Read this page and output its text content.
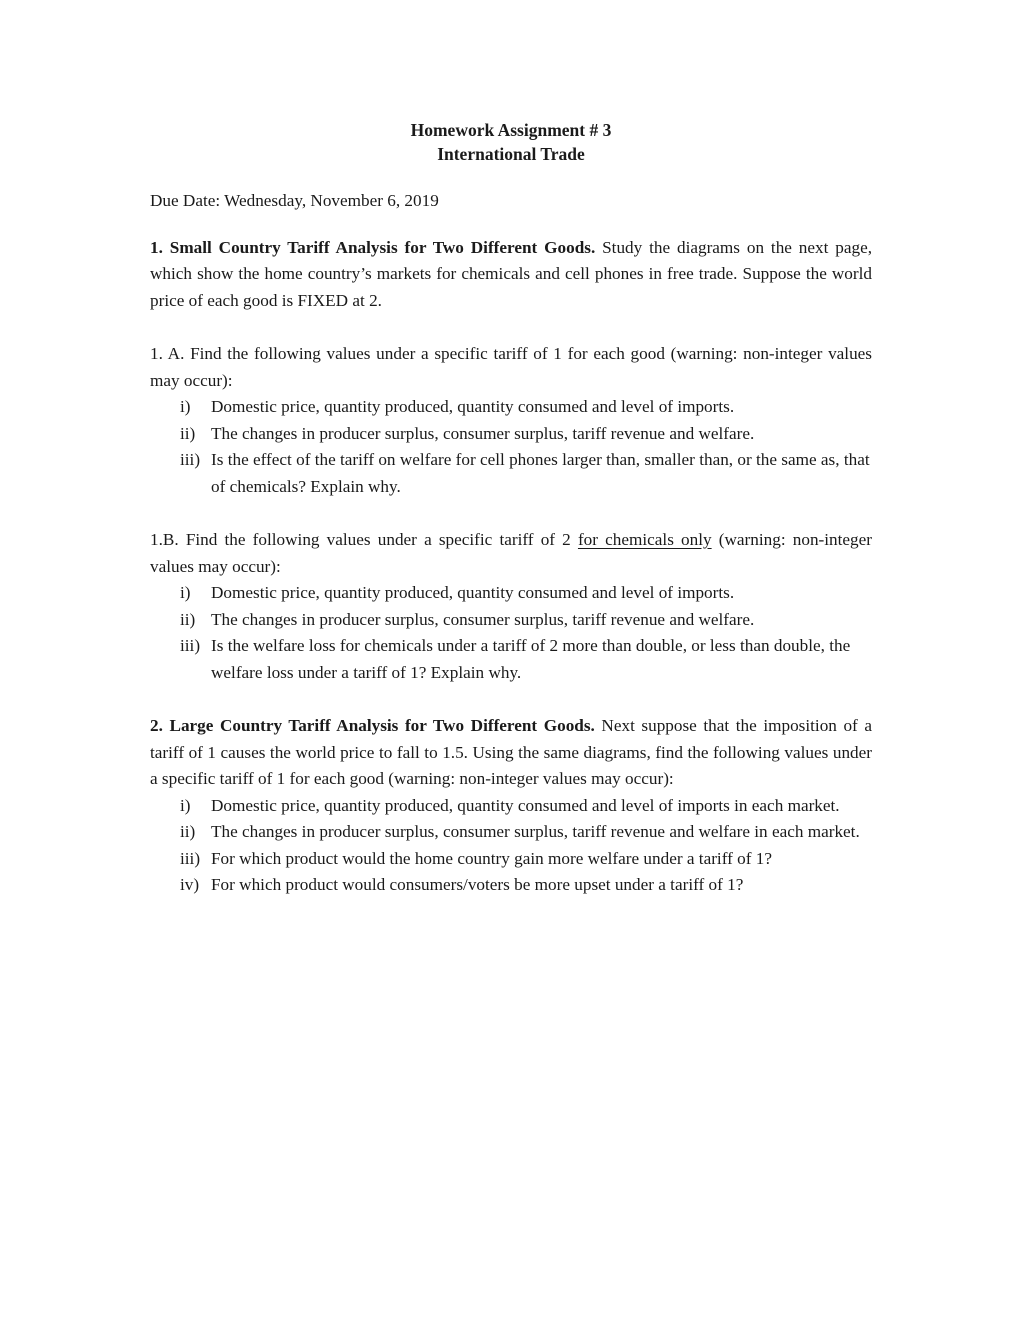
Homework Assignment # 3
International Trade
Due Date: Wednesday, November 6, 2019

1. Small Country Tariff Analysis for Two Different Goods. Study the diagrams on the next page, which show the home country’s markets for chemicals and cell phones in free trade. Suppose the world price of each good is FIXED at 2.

1. A. Find the following values under a specific tariff of 1 for each good (warning: non-integer values may occur):

i)	Domestic price, quantity produced, quantity consumed and level of imports.
ii) The changes in producer surplus, consumer surplus, tariff revenue and welfare.
iii) Is the effect of the tariff on welfare for cell phones larger than, smaller than, or the same as, that of chemicals? Explain why.

1.B. Find the following values under a specific tariff of 2 for chemicals only (warning: non-integer values may occur):

i)	Domestic price, quantity produced, quantity consumed and level of imports.
ii) The changes in producer surplus, consumer surplus, tariff revenue and welfare.
iii) Is the welfare loss for chemicals under a tariff of 2 more than double, or less than double, the welfare loss under a tariff of 1? Explain why.

2. Large Country Tariff Analysis for Two Different Goods. Next suppose that the imposition of a tariff of 1 causes the world price to fall to 1.5. Using the same diagrams, find the following values under a specific tariff of 1 for each good (warning: non-integer values may occur):

i)	Domestic price, quantity produced, quantity consumed and level of imports in each market.
ii) The changes in producer surplus, consumer surplus, tariff revenue and welfare in each market.
iii) For which product would the home country gain more welfare under a tariff of 1?
iv) For which product would consumers/voters be more upset under a tariff of 1?
